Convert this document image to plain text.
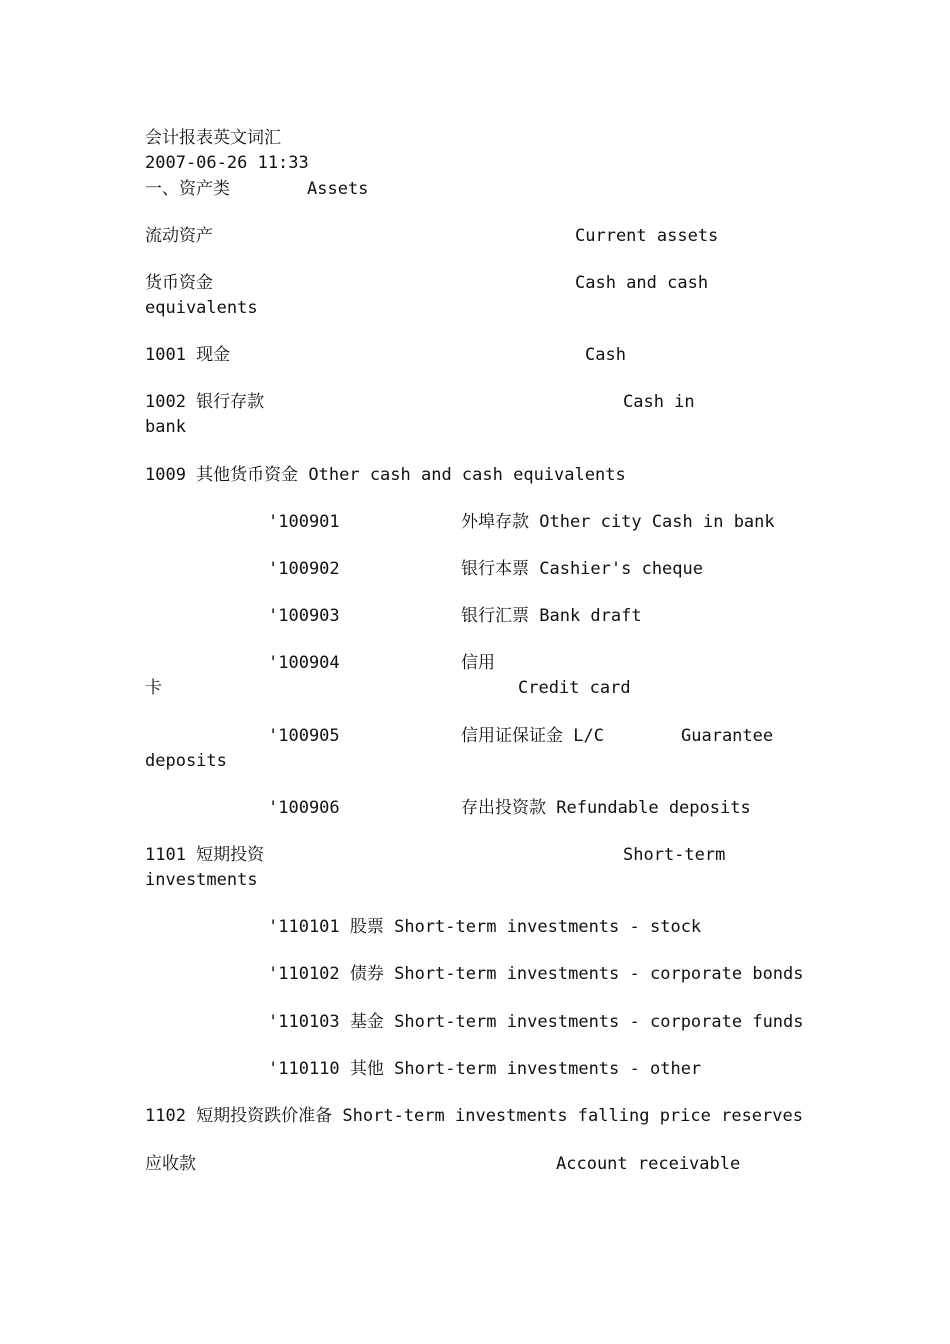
会计报表英文词汇
2007-06-26 11:33
一、资产类	Assets
流动资产	Current assets
货币资金	Cash and cash
equivalents
1001 现金	Cash
1002 银行存款	Cash in
bank
1009 其他货币资金 Other cash and cash equivalents
'100901	外埠存款 Other city Cash in bank
'100902	银行本票 Cashier's cheque
'100903	银行汇票 Bank draft
'100904	信用
卡	Credit card
'100905	信用证保证金 L/C	Guarantee
deposits
'100906	存出投资款 Refundable deposits
1101 短期投资	Short-term
investments
'110101 股票 Short-term investments - stock
'110102 债券 Short-term investments - corporate bonds
'110103 基金 Short-term investments - corporate funds
'110110 其他 Short-term investments - other
1102 短期投资跌价准备 Short-term investments falling price reserves
应收款	Account receivable
